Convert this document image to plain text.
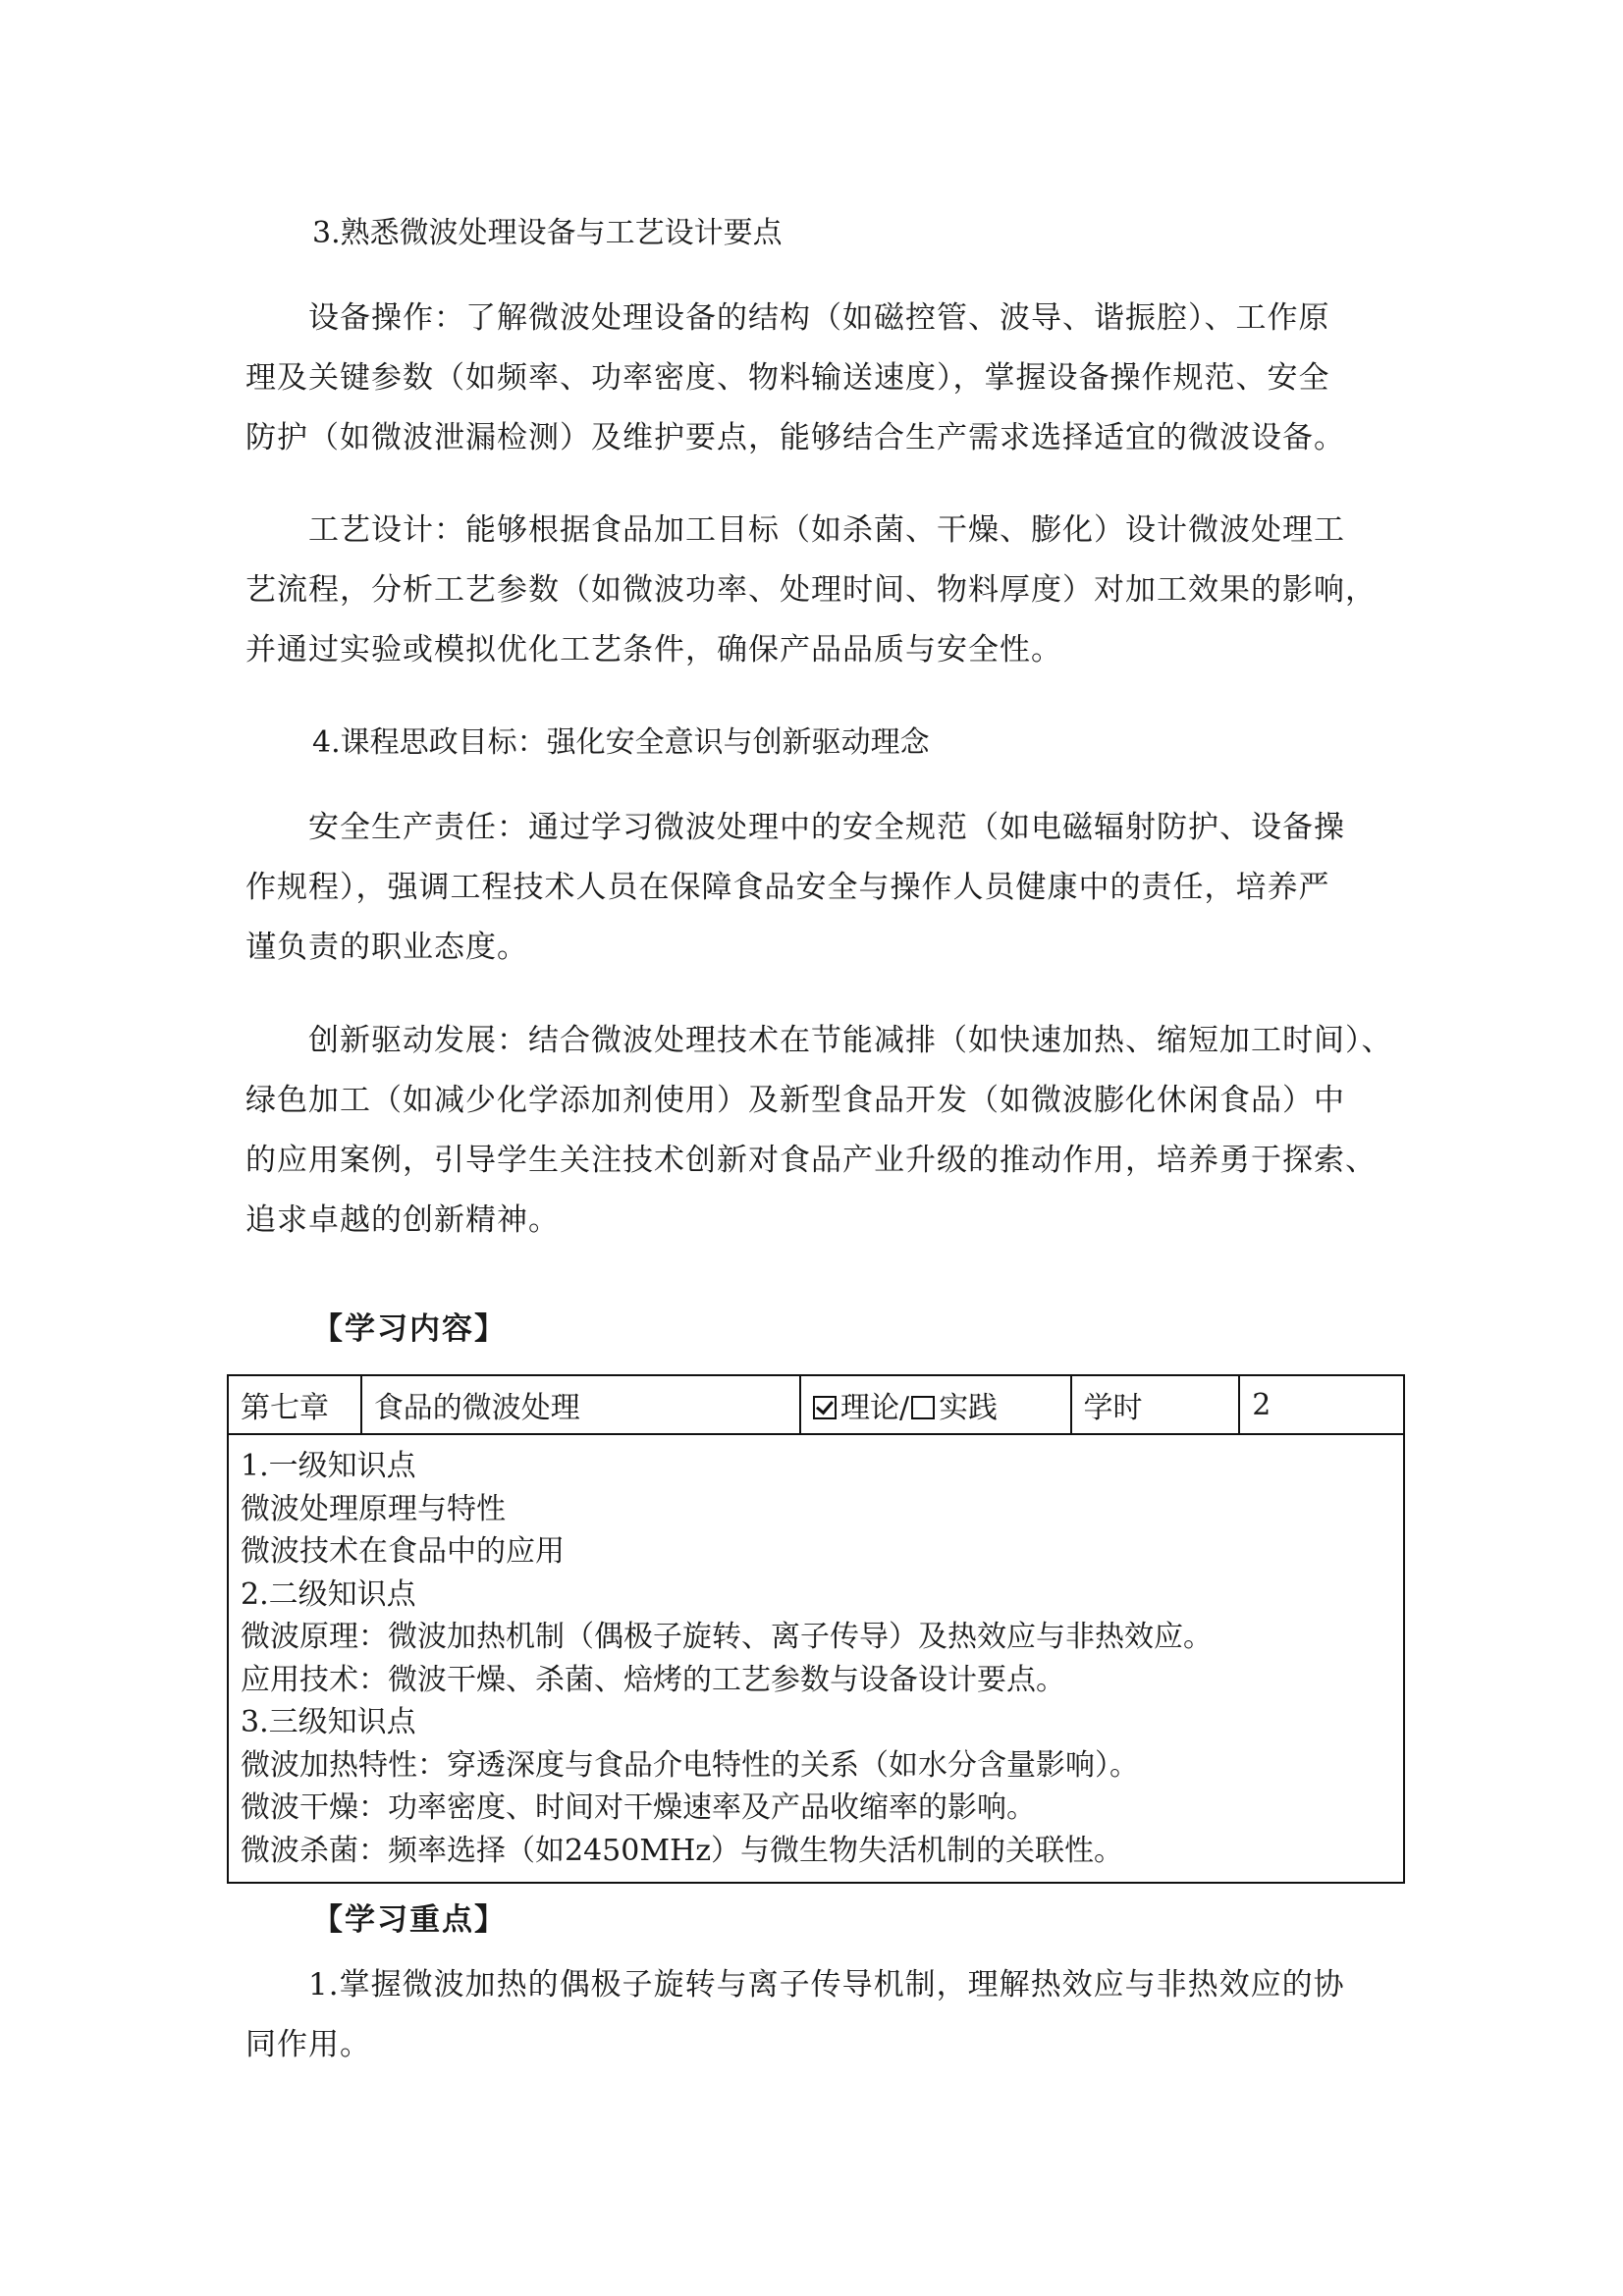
3.熟悉微波处理设备与工艺设计要点
设备操作：了解微波处理设备的结构（如磁控管、波导、谐振腔）、工作原
理及关键参数（如频率、功率密度、物料输送速度），掌握设备操作规范、安全
防护（如微波泄漏检测）及维护要点，能够结合生产需求选择适宜的微波设备。
工艺设计：能够根据食品加工目标（如杀菌、干燥、膨化）设计微波处理工
艺流程，分析工艺参数（如微波功率、处理时间、物料厚度）对加工效果的影响，
并通过实验或模拟优化工艺条件，确保产品品质与安全性。
4.课程思政目标：强化安全意识与创新驱动理念
安全生产责任：通过学习微波处理中的安全规范（如电磁辐射防护、设备操
作规程），强调工程技术人员在保障食品安全与操作人员健康中的责任，培养严
谨负责的职业态度。
创新驱动发展：结合微波处理技术在节能减排（如快速加热、缩短加工时间）、
绿色加工（如减少化学添加剂使用）及新型食品开发（如微波膨化休闲食品）中
的应用案例，引导学生关注技术创新对食品产业升级的推动作用，培养勇于探索、
追求卓越的创新精神。
【学习内容】
第七章	食品的微波处理	理论/ 实践	学时	2

1.一级知识点
微波处理原理与特性
微波技术在食品中的应用
2.二级知识点
微波原理：微波加热机制（偶极子旋转、离子传导）及热效应与非热效应。
应用技术：微波干燥、杀菌、焙烤的工艺参数与设备设计要点。
3.三级知识点
微波加热特性：穿透深度与食品介电特性的关系（如水分含量影响）。
微波干燥：功率密度、时间对干燥速率及产品收缩率的影响。
微波杀菌：频率选择（如2450MHz）与微生物失活机制的关联性。
【学习重点】
1.掌握微波加热的偶极子旋转与离子传导机制，理解热效应与非热效应的协
同作用。
